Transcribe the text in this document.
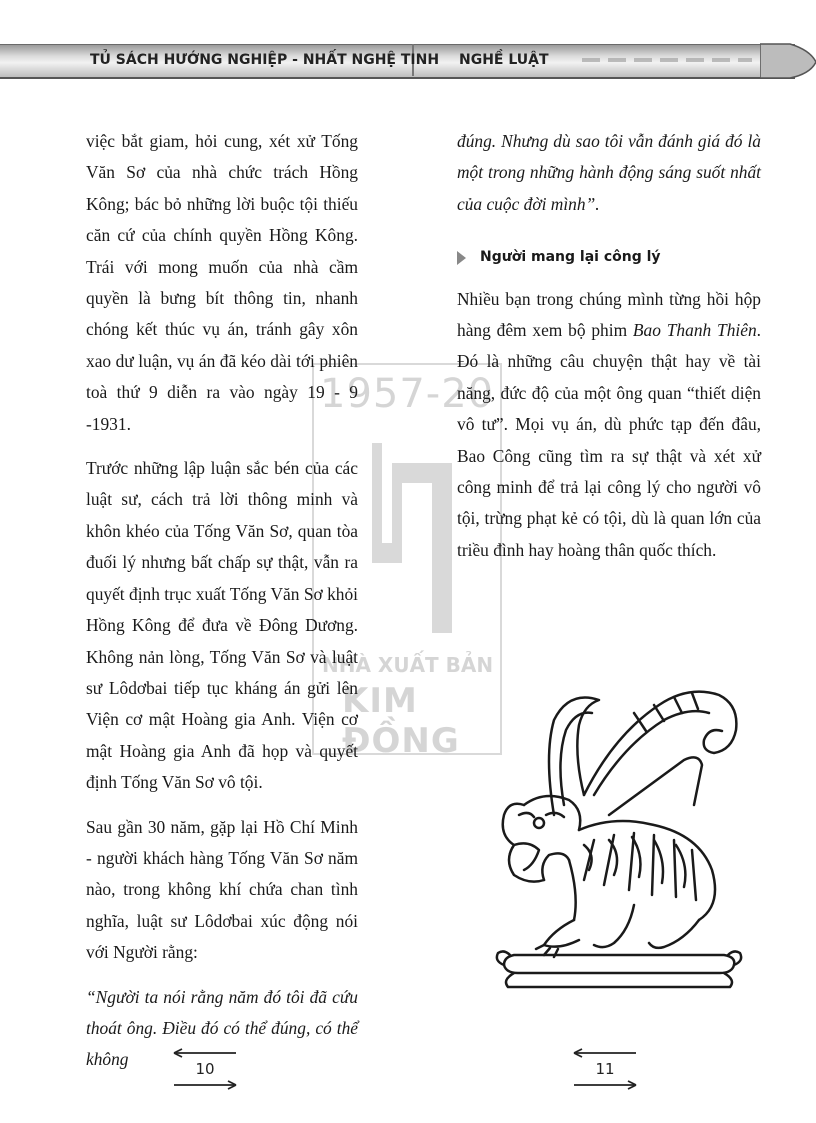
TỦ SÁCH HƯỚNG NGHIỆP - NHẤT NGHỆ TINH NGHỀ LUẬT
1957-20
NHÀ XUẤT BẢN
KIM ĐỒNG

việc bắt giam, hỏi cung, xét xử Tống Văn Sơ của nhà chức trách Hồng Kông; bác bỏ những lời buộc tội thiếu căn cứ của chính quyền Hồng Kông. Trái với mong muốn của nhà cầm quyền là bưng bít thông tin, nhanh chóng kết thúc vụ án, tránh gây xôn xao dư luận, vụ án đã kéo dài tới phiên toà thứ 9 diễn ra vào ngày 19 - 9 -1931.

Trước những lập luận sắc bén của các luật sư, cách trả lời thông minh và khôn khéo của Tống Văn Sơ, quan tòa đuối lý nhưng bất chấp sự thật, vẫn ra quyết định trục xuất Tống Văn Sơ khỏi Hồng Kông để đưa về Đông Dương. Không nản lòng, Tống Văn Sơ và luật sư Lôdơbai tiếp tục kháng án gửi lên Viện cơ mật Hoàng gia Anh. Viện cơ mật Hoàng gia Anh đã họp và quyết định Tống Văn Sơ vô tội.

Sau gần 30 năm, gặp lại Hồ Chí Minh - người khách hàng Tống Văn Sơ năm nào, trong không khí chứa chan tình nghĩa, luật sư Lôdơbai xúc động nói với Người rằng:

“Người ta nói rằng năm đó tôi đã cứu thoát ông. Điều đó có thể đúng, có thể không

đúng. Nhưng dù sao tôi vẫn đánh giá đó là một trong những hành động sáng suốt nhất của cuộc đời mình”.

Người mang lại công lý

Nhiều bạn trong chúng mình từng hồi hộp hàng đêm xem bộ phim Bao Thanh Thiên. Đó là những câu chuyện thật hay về tài năng, đức độ của một ông quan “thiết diện vô tư”. Mọi vụ án, dù phức tạp đến đâu, Bao Công cũng tìm ra sự thật và xét xử công minh để trả lại công lý cho người vô tội, trừng phạt kẻ có tội, dù là quan lớn của triều đình hay hoàng thân quốc thích.

10	11
